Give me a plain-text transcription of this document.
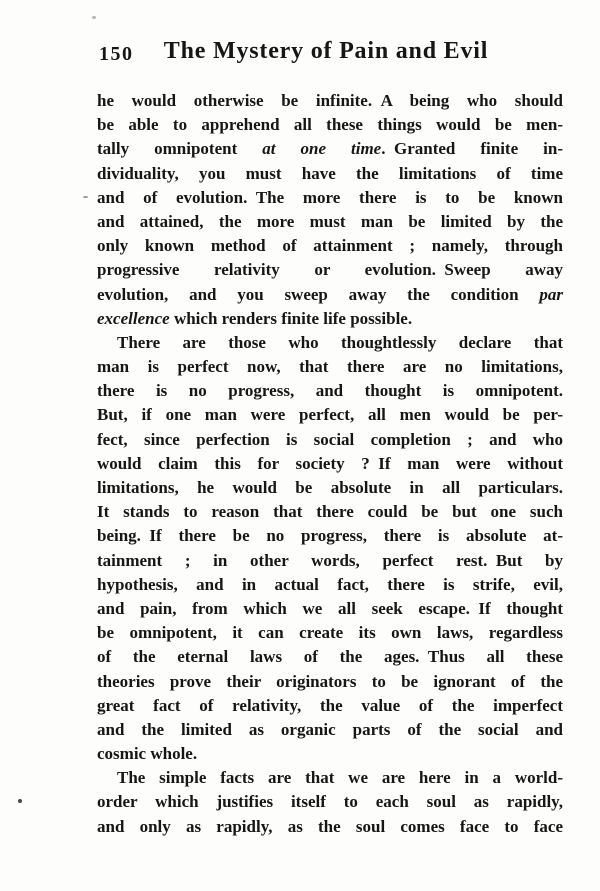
150	The Mystery of Pain and Evil
he would otherwise be infinite. A being who should
be able to apprehend all these things would be men-
tally omnipotent at one time. Granted finite in-
dividuality, you must have the limitations of time
and of evolution. The more there is to be known
and attained, the more must man be limited by the
only known method of attainment ; namely, through
progressive relativity or evolution. Sweep away
evolution, and you sweep away the condition par
excellence which renders finite life possible.
There are those who thoughtlessly declare that
man is perfect now, that there are no limitations,
there is no progress, and thought is omnipotent.
But, if one man were perfect, all men would be per-
fect, since perfection is social completion ; and who
would claim this for society ? If man were without
limitations, he would be absolute in all particulars.
It stands to reason that there could be but one such
being. If there be no progress, there is absolute at-
tainment ; in other words, perfect rest. But by
hypothesis, and in actual fact, there is strife, evil,
and pain, from which we all seek escape. If thought
be omnipotent, it can create its own laws, regardless
of the eternal laws of the ages. Thus all these
theories prove their originators to be ignorant of the
great fact of relativity, the value of the imperfect
and the limited as organic parts of the social and
cosmic whole.
The simple facts are that we are here in a world-
order which justifies itself to each soul as rapidly,
and only as rapidly, as the soul comes face to face
